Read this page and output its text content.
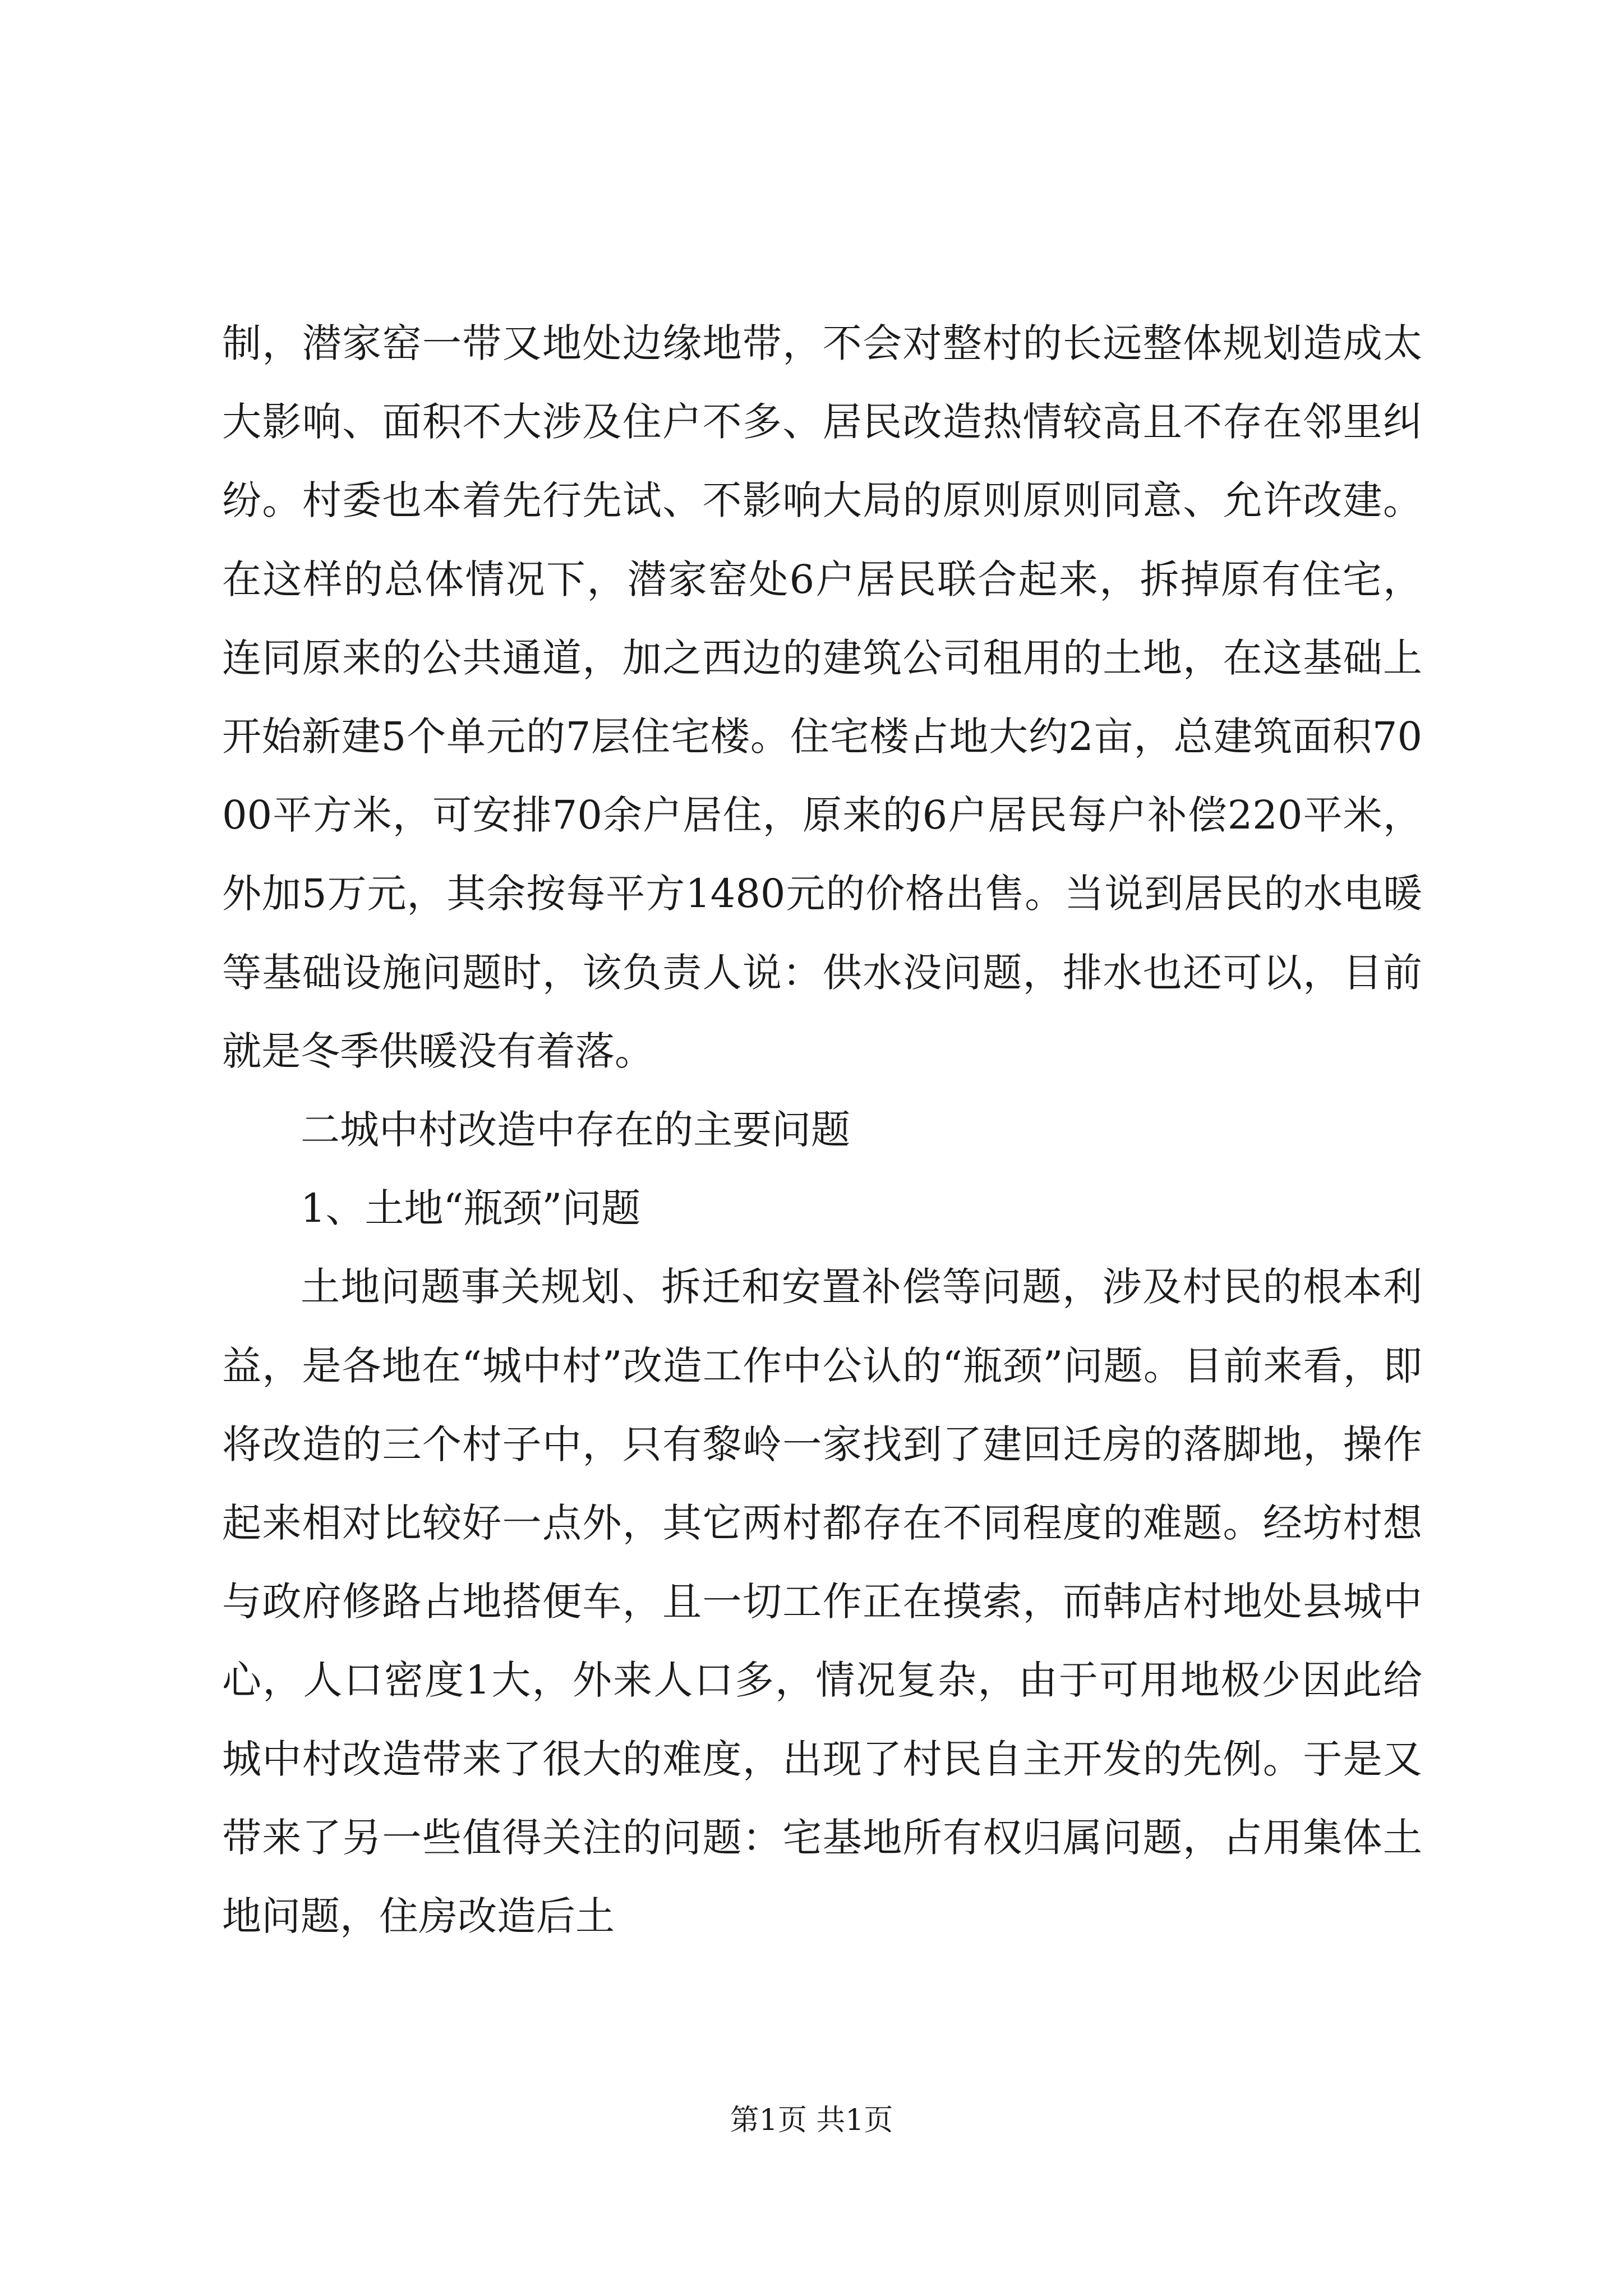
制，潜家窑一带又地处边缘地带，不会对整村的长远整体规划造成太大影响、面积不大涉及住户不多、居民改造热情较高且不存在邻里纠纷。村委也本着先行先试、不影响大局的原则原则同意、允许改建。在这样的总体情况下，潜家窑处6户居民联合起来，拆掉原有住宅，连同原来的公共通道，加之西边的建筑公司租用的土地，在这基础上开始新建5个单元的7层住宅楼。住宅楼占地大约2亩，总建筑面积7000平方米，可安排70余户居住，原来的6户居民每户补偿220平米，外加5万元，其余按每平方1480元的价格出售。当说到居民的水电暖等基础设施问题时，该负责人说：供水没问题，排水也还可以，目前就是冬季供暖没有着落。

二城中村改造中存在的主要问题

1、土地“瓶颈”问题

土地问题事关规划、拆迁和安置补偿等问题，涉及村民的根本利益，是各地在“城中村”改造工作中公认的“瓶颈”问题。目前来看，即将改造的三个村子中，只有黎岭一家找到了建回迁房的落脚地，操作起来相对比较好一点外，其它两村都存在不同程度的难题。经坊村想与政府修路占地搭便车，且一切工作正在摸索，而韩店村地处县城中心，人口密度1大，外来人口多，情况复杂，由于可用地极少因此给城中村改造带来了很大的难度，出现了村民自主开发的先例。于是又带来了另一些值得关注的问题：宅基地所有权归属问题，占用集体土地问题，住房改造后土

第1页 共1页
